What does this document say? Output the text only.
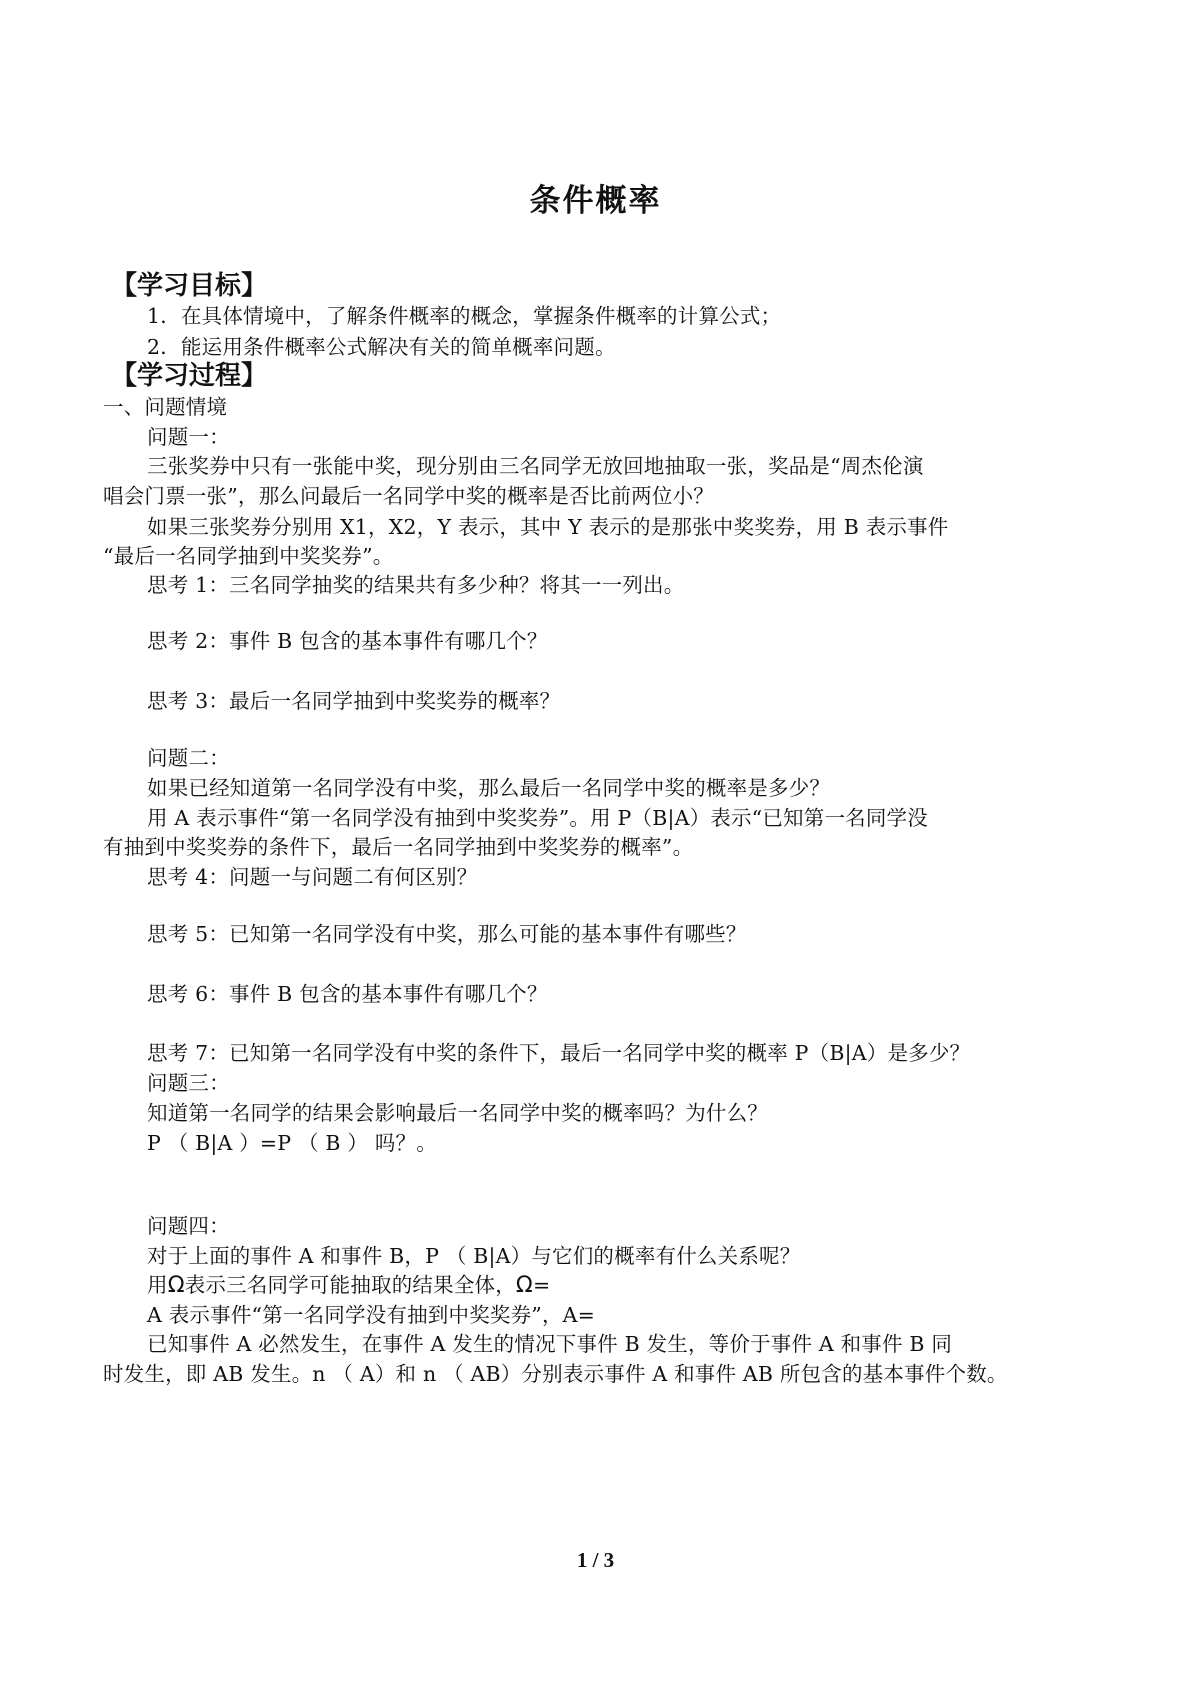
条件概率
【学习目标】
1．在具体情境中，了解条件概率的概念，掌握条件概率的计算公式；
2．能运用条件概率公式解决有关的简单概率问题。
【学习过程】
一、问题情境
问题一：
三张奖券中只有一张能中奖，现分别由三名同学无放回地抽取一张，奖品是“周杰伦演
唱会门票一张”，那么问最后一名同学中奖的概率是否比前两位小？
如果三张奖券分别用 X1，X2，Y 表示，其中 Y 表示的是那张中奖奖券，用 B 表示事件
“最后一名同学抽到中奖奖券”。
思考 1：三名同学抽奖的结果共有多少种？将其一一列出。
思考 2：事件 B 包含的基本事件有哪几个？
思考 3：最后一名同学抽到中奖奖券的概率？
问题二：
如果已经知道第一名同学没有中奖，那么最后一名同学中奖的概率是多少？
用 A 表示事件“第一名同学没有抽到中奖奖券”。用 P（B|A）表示“已知第一名同学没
有抽到中奖奖券的条件下，最后一名同学抽到中奖奖券的概率”。
思考 4：问题一与问题二有何区别？
思考 5：已知第一名同学没有中奖，那么可能的基本事件有哪些？
思考 6：事件 B 包含的基本事件有哪几个？
思考 7：已知第一名同学没有中奖的条件下，最后一名同学中奖的概率 P（B|A）是多少？
问题三：
知道第一名同学的结果会影响最后一名同学中奖的概率吗？为什么？
P （ B|A ）=P （ B ） 吗？。
问题四：
对于上面的事件 A 和事件 B，P （ B|A）与它们的概率有什么关系呢？
用Ω表示三名同学可能抽取的结果全体，Ω=
A 表示事件“第一名同学没有抽到中奖奖券”，A=
已知事件 A 必然发生，在事件 A 发生的情况下事件 B 发生，等价于事件 A 和事件 B 同
时发生，即 AB 发生。n （ A）和 n （ AB）分别表示事件 A 和事件 AB 所包含的基本事件个数。
1 / 3
